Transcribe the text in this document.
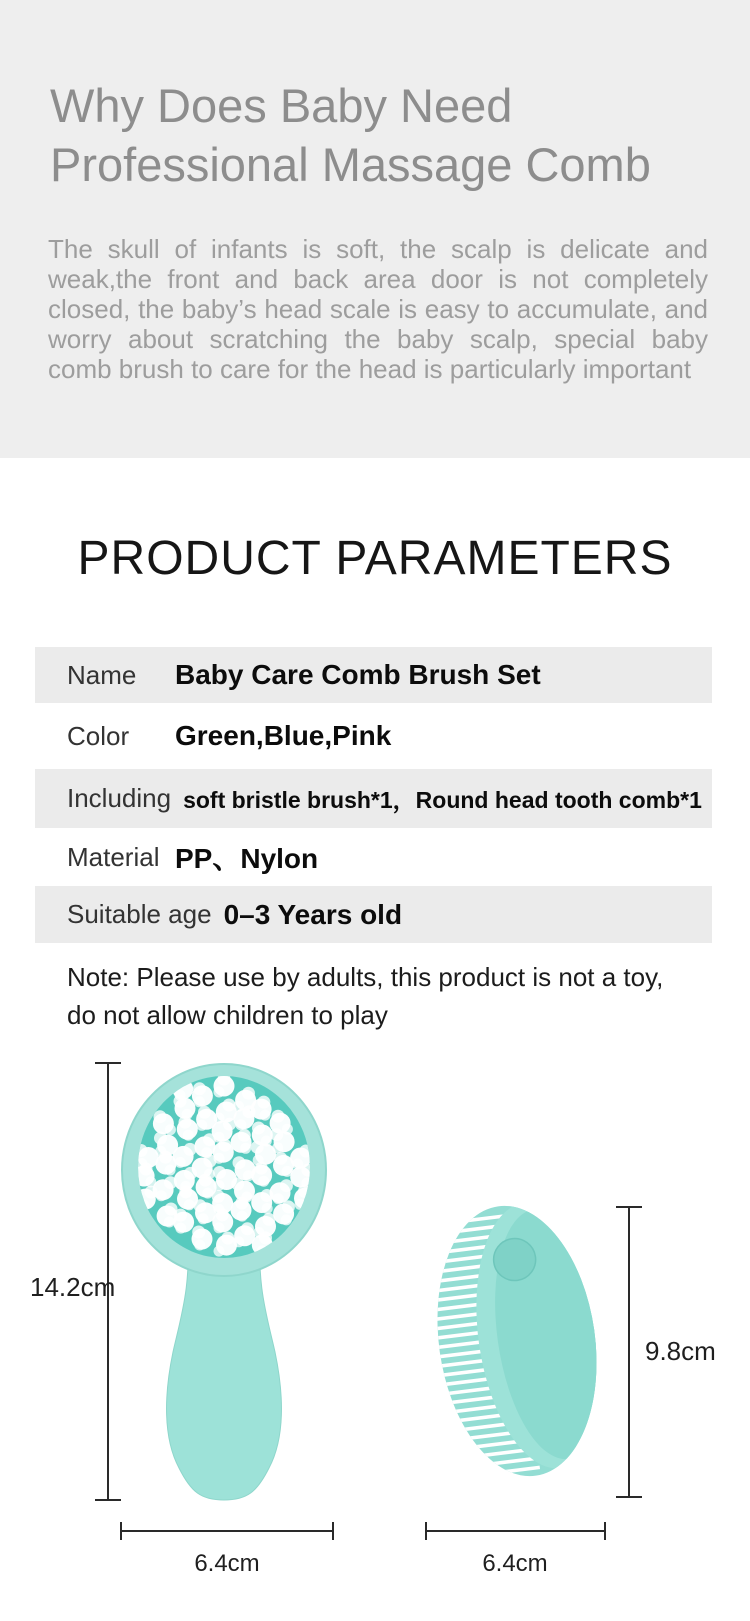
Why Does Baby Need
Professional Massage Comb
The skull of infants is soft, the scalp is delicate and weak,the front and back area door is not completely closed, the baby’s head scale is easy to accumulate, and worry about scratching the baby scalp, special baby comb brush to care for the head is particularly important
PRODUCT PARAMETERS
Name	Baby Care Comb Brush Set
Color	Green,Blue,Pink
Including soft bristle brush*1，Round head tooth comb*1
Material PP、Nylon
Suitable age 0–3 Years old
Note: Please use by adults, this product is not a toy,
do not allow children to play
14.2cm
9.8cm
6.4cm	6.4cm
